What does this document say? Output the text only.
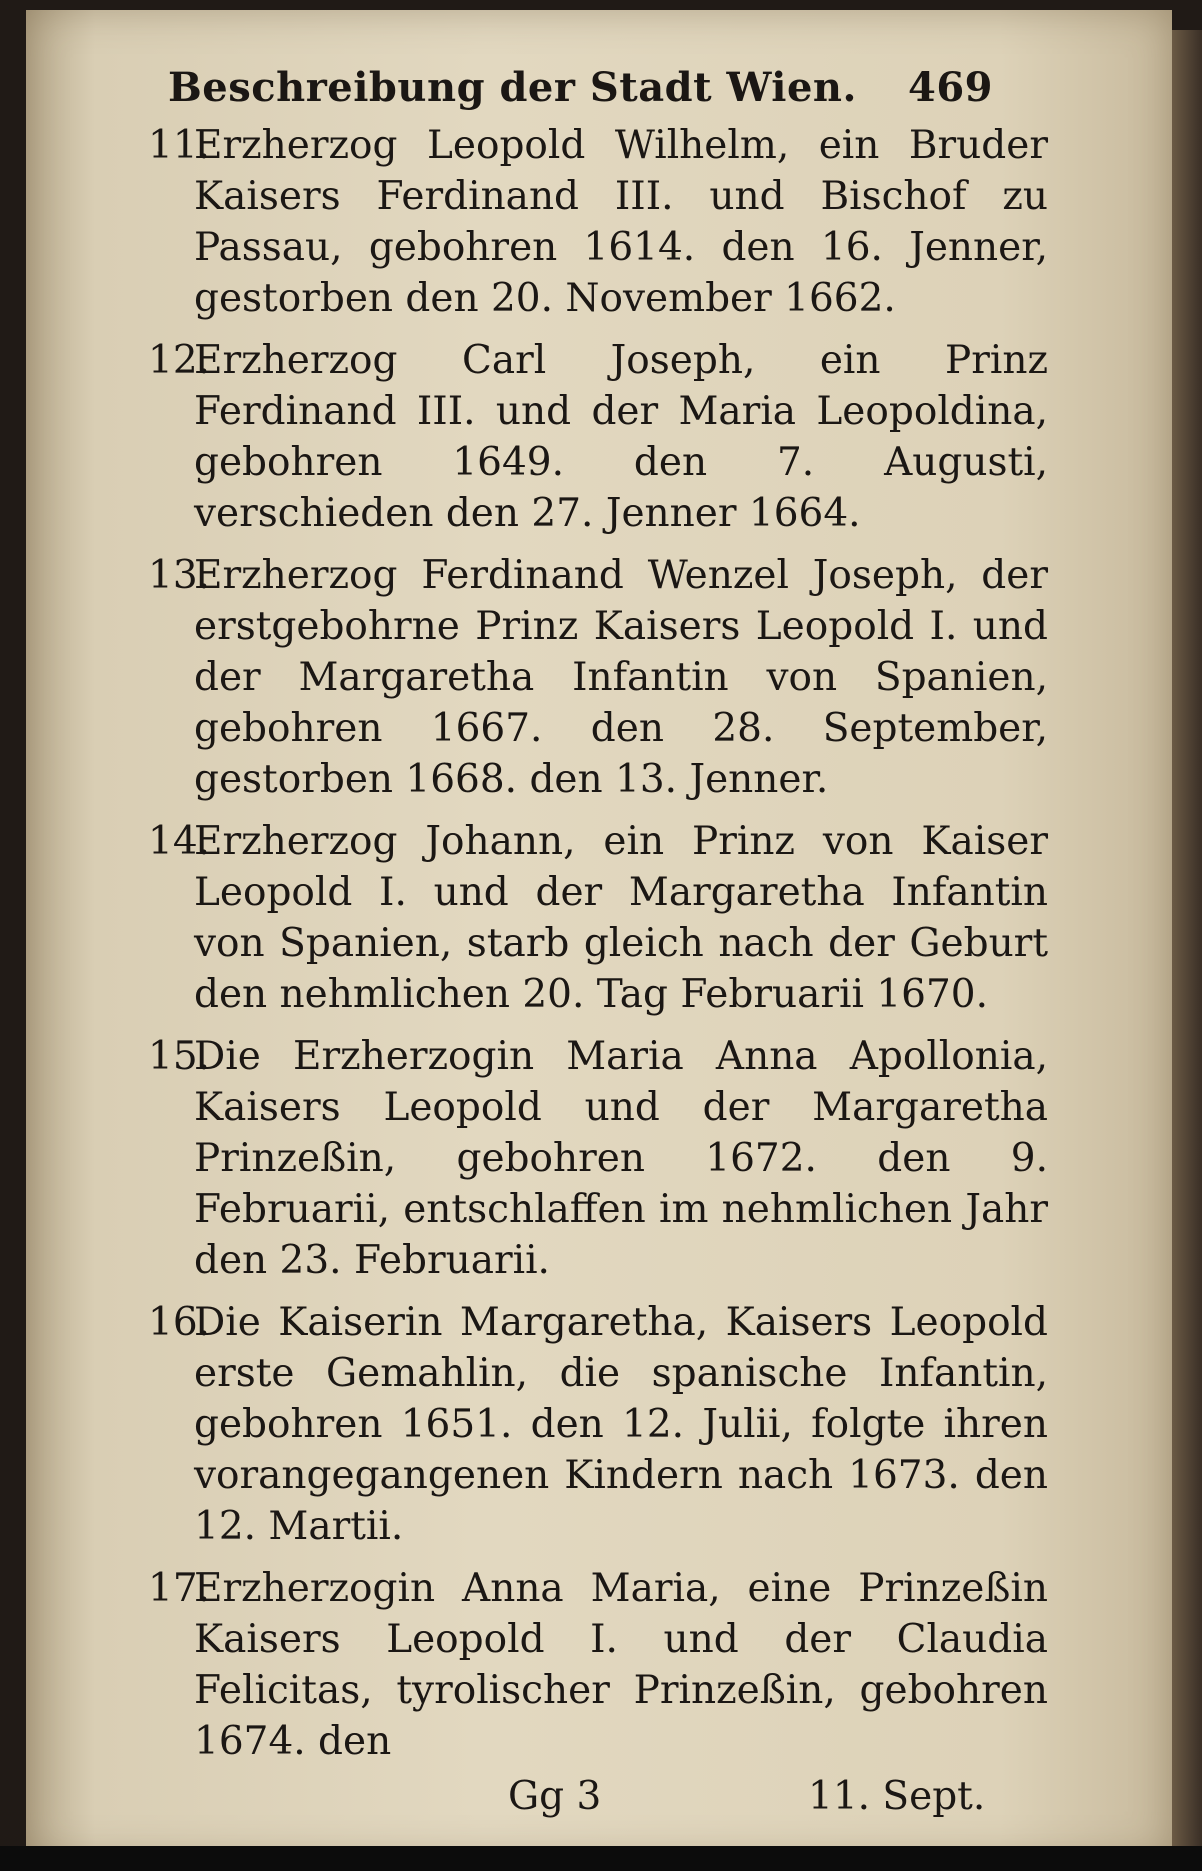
Beschreibung der Stadt Wien. 469
11.
Erzherzog Leopold Wilhelm, ein Bruder Kaisers Ferdinand III. und Bischof zu Passau, gebohren 1614. den 16. Jenner, gestorben den 20. November 1662.
12.
Erzherzog Carl Joseph, ein Prinz Ferdinand III. und der Maria Leopoldina, gebohren 1649. den 7. Augusti, verschieden den 27. Jenner 1664.
13.
Erzherzog Ferdinand Wenzel Joseph, der erstgebohrne Prinz Kaisers Leopold I. und der Margaretha Infantin von Spanien, gebohren 1667. den 28. September, gestorben 1668. den 13. Jenner.
14.
Erzherzog Johann, ein Prinz von Kaiser Leopold I. und der Margaretha Infantin von Spanien, starb gleich nach der Geburt den nehmlichen 20. Tag Februarii 1670.
15.
Die Erzherzogin Maria Anna Apollonia, Kaisers Leopold und der Margaretha Prinzeßin, gebohren 1672. den 9. Februarii, entschlaffen im nehmlichen Jahr den 23. Februarii.
16.
Die Kaiserin Margaretha, Kaisers Leopold erste Gemahlin, die spanische Infantin, gebohren 1651. den 12. Julii, folgte ihren vorangegangenen Kindern nach 1673. den 12. Martii.
17.
Erzherzogin Anna Maria, eine Prinzeßin Kaisers Leopold I. und der Claudia Felicitas, tyrolischer Prinzeßin, gebohren 1674. den
Gg 3	11. Sept.
